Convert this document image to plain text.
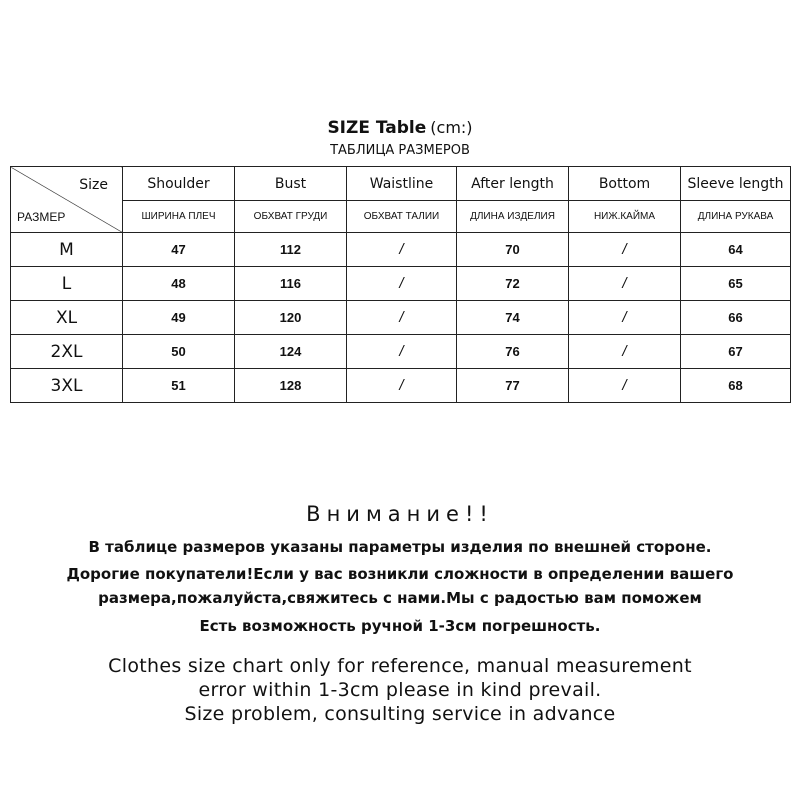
SIZE Table (cm:)
ТАБЛИЦА РАЗМЕРОВ
Size
РАЗМЕР	Shoulder	Bust	Waistline	After length	Bottom	Sleeve length
	ШИРИНА ПЛЕЧ	ОБХВАТ ГРУДИ	ОБХВАТ ТАЛИИ	ДЛИНА ИЗДЕЛИЯ	НИЖ.КАЙМА	ДЛИНА РУКАВА
M	47	112	/	70	/	64
L	48	116	/	72	/	65
XL	49	120	/	74	/	66
2XL	50	124	/	76	/	67
3XL	51	128	/	77	/	68
Внимание!!
В таблице размеров указаны параметры изделия по внешней стороне.
Дорогие покупатели!Если у вас возникли сложности в определении вашего
размера,пожалуйста,свяжитесь с нами.Мы с радостью вам поможем
Есть возможность ручной 1-3см погрешность.
Clothes size chart only for reference, manual measurement
error within 1-3cm please in kind prevail.
Size problem, consulting service in advance
